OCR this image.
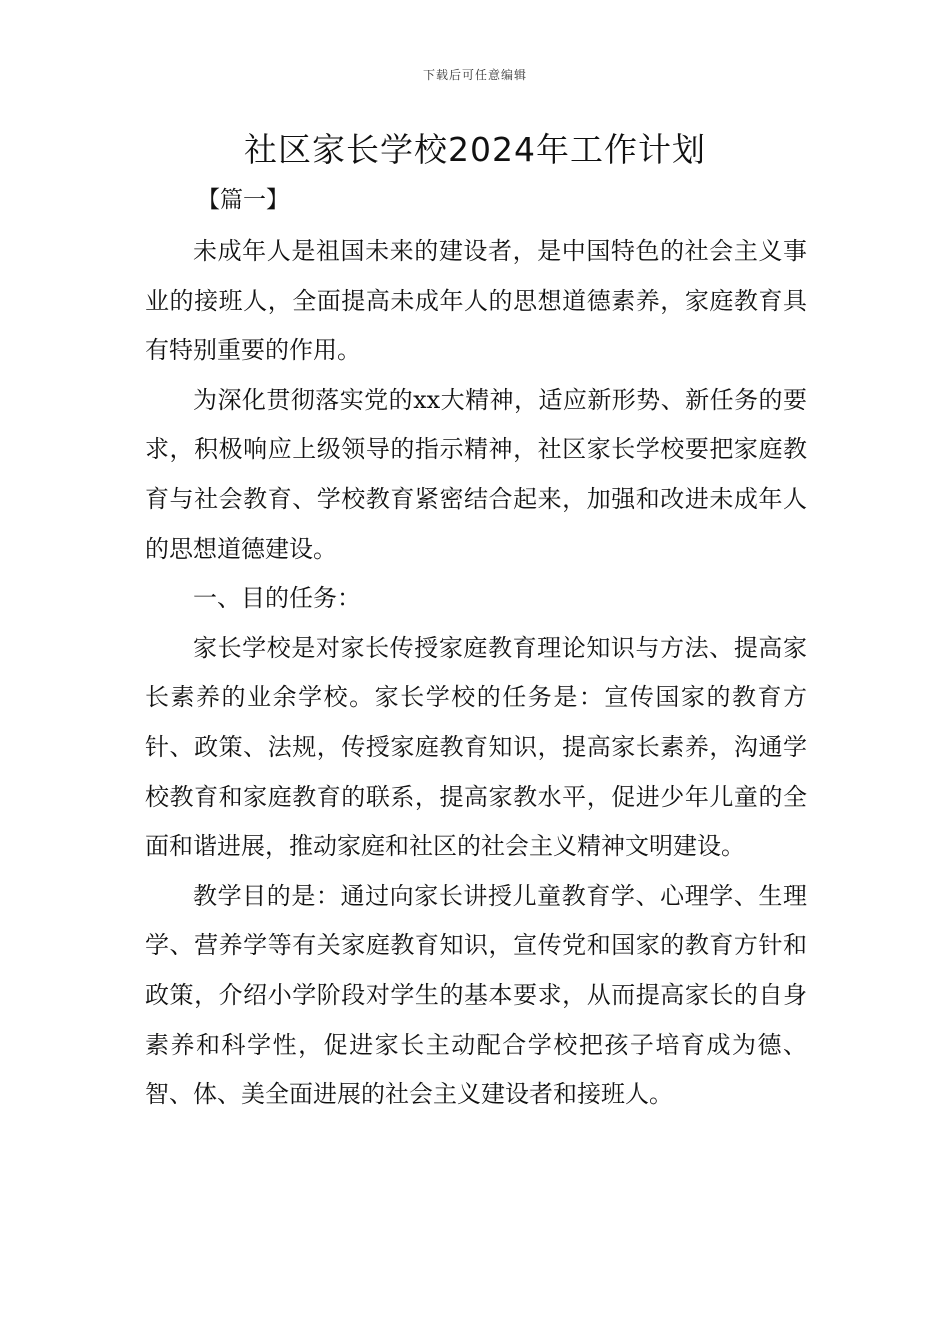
下载后可任意编辑
社区家长学校2024年工作计划
【篇一】

未成年人是祖国未来的建设者，是中国特色的社会主义事业的接班人，全面提高未成年人的思想道德素养，家庭教育具有特别重要的作用。

为深化贯彻落实党的xx大精神，适应新形势、新任务的要求，积极响应上级领导的指示精神，社区家长学校要把家庭教育与社会教育、学校教育紧密结合起来，加强和改进未成年人的思想道德建设。

一、目的任务：

家长学校是对家长传授家庭教育理论知识与方法、提高家长素养的业余学校。家长学校的任务是：宣传国家的教育方针、政策、法规，传授家庭教育知识，提高家长素养，沟通学校教育和家庭教育的联系，提高家教水平，促进少年儿童的全面和谐进展，推动家庭和社区的社会主义精神文明建设。

教学目的是：通过向家长讲授儿童教育学、心理学、生理学、营养学等有关家庭教育知识，宣传党和国家的教育方针和政策，介绍小学阶段对学生的基本要求，从而提高家长的自身素养和科学性，促进家长主动配合学校把孩子培育成为德、智、体、美全面进展的社会主义建设者和接班人。
